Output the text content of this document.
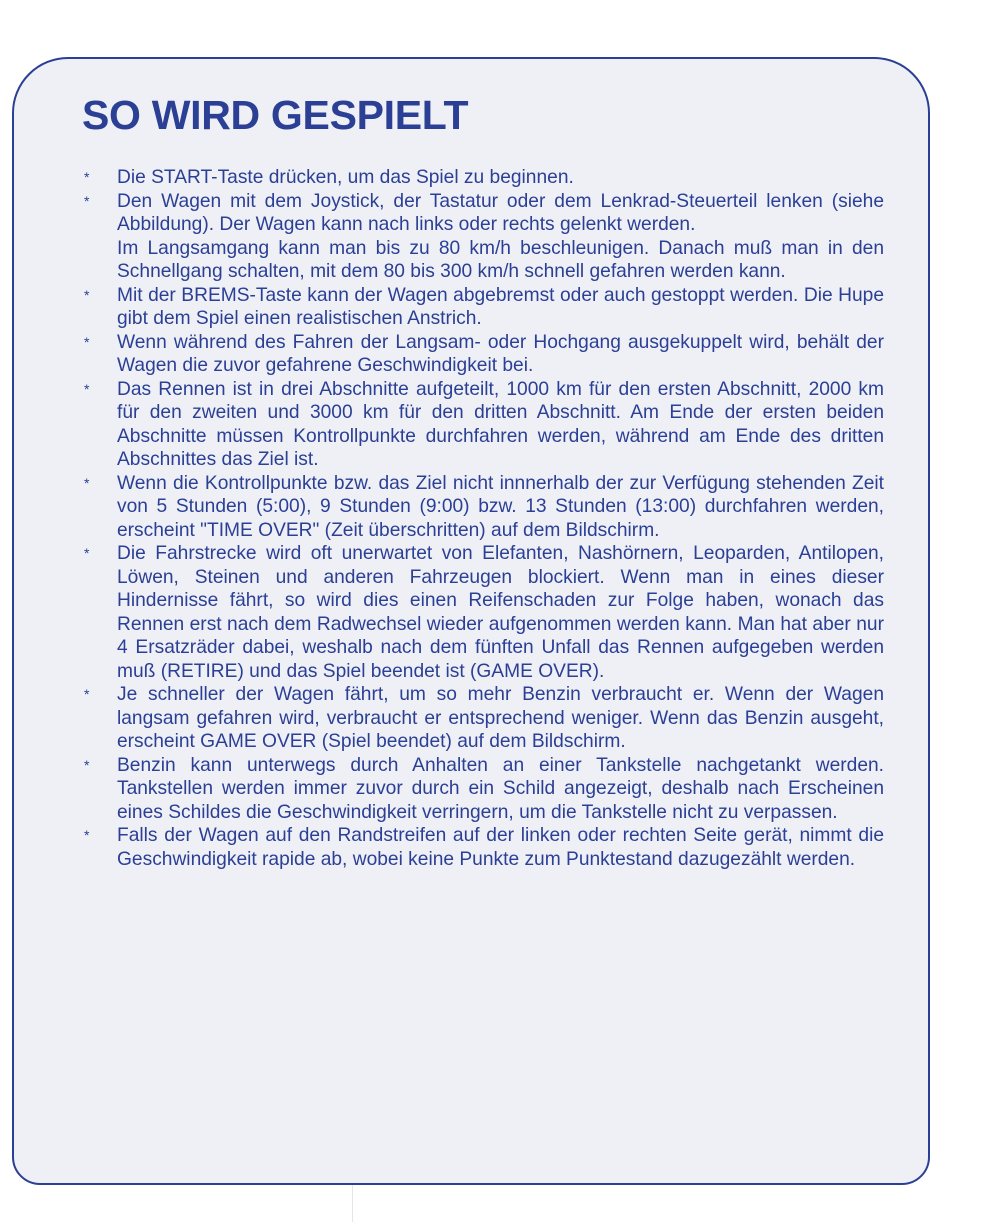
SO WIRD GESPIELT
* Die START-Taste drücken, um das Spiel zu beginnen.
* Den Wagen mit dem Joystick, der Tastatur oder dem Lenkrad-Steuerteil lenken (siehe Abbildung). Der Wagen kann nach links oder rechts gelenkt werden.
Im Langsamgang kann man bis zu 80 km/h beschleunigen. Danach muß man in den Schnellgang schalten, mit dem 80 bis 300 km/h schnell gefahren werden kann.
* Mit der BREMS-Taste kann der Wagen abgebremst oder auch gestoppt werden. Die Hupe gibt dem Spiel einen realistischen Anstrich.
* Wenn während des Fahren der Langsam- oder Hochgang ausgekuppelt wird, behält der Wagen die zuvor gefahrene Geschwindigkeit bei.
* Das Rennen ist in drei Abschnitte aufgeteilt, 1000 km für den ersten Abschnitt, 2000 km für den zweiten und 3000 km für den dritten Abschnitt. Am Ende der ersten beiden Abschnitte müssen Kontrollpunkte durchfahren werden, während am Ende des dritten Abschnittes das Ziel ist.
* Wenn die Kontrollpunkte bzw. das Ziel nicht innnerhalb der zur Verfügung stehenden Zeit von 5 Stunden (5:00), 9 Stunden (9:00) bzw. 13 Stunden (13:00) durchfahren werden, erscheint "TIME OVER" (Zeit überschritten) auf dem Bildschirm.
* Die Fahrstrecke wird oft unerwartet von Elefanten, Nashörnern, Leoparden, Antilopen, Löwen, Steinen und anderen Fahrzeugen blockiert. Wenn man in eines dieser Hindernisse fährt, so wird dies einen Reifenschaden zur Folge haben, wonach das Rennen erst nach dem Radwechsel wieder aufgenommen werden kann. Man hat aber nur 4 Ersatzräder dabei, weshalb nach dem fünften Unfall das Rennen aufgegeben werden muß (RETIRE) und das Spiel beendet ist (GAME OVER).
* Je schneller der Wagen fährt, um so mehr Benzin verbraucht er. Wenn der Wagen langsam gefahren wird, verbraucht er entsprechend weniger. Wenn das Benzin ausgeht, erscheint GAME OVER (Spiel beendet) auf dem Bildschirm.
* Benzin kann unterwegs durch Anhalten an einer Tankstelle nachgetankt werden. Tankstellen werden immer zuvor durch ein Schild angezeigt, deshalb nach Erscheinen eines Schildes die Geschwindigkeit verringern, um die Tankstelle nicht zu verpassen.
* Falls der Wagen auf den Randstreifen auf der linken oder rechten Seite gerät, nimmt die Geschwindigkeit rapide ab, wobei keine Punkte zum Punktestand dazugezählt werden.
